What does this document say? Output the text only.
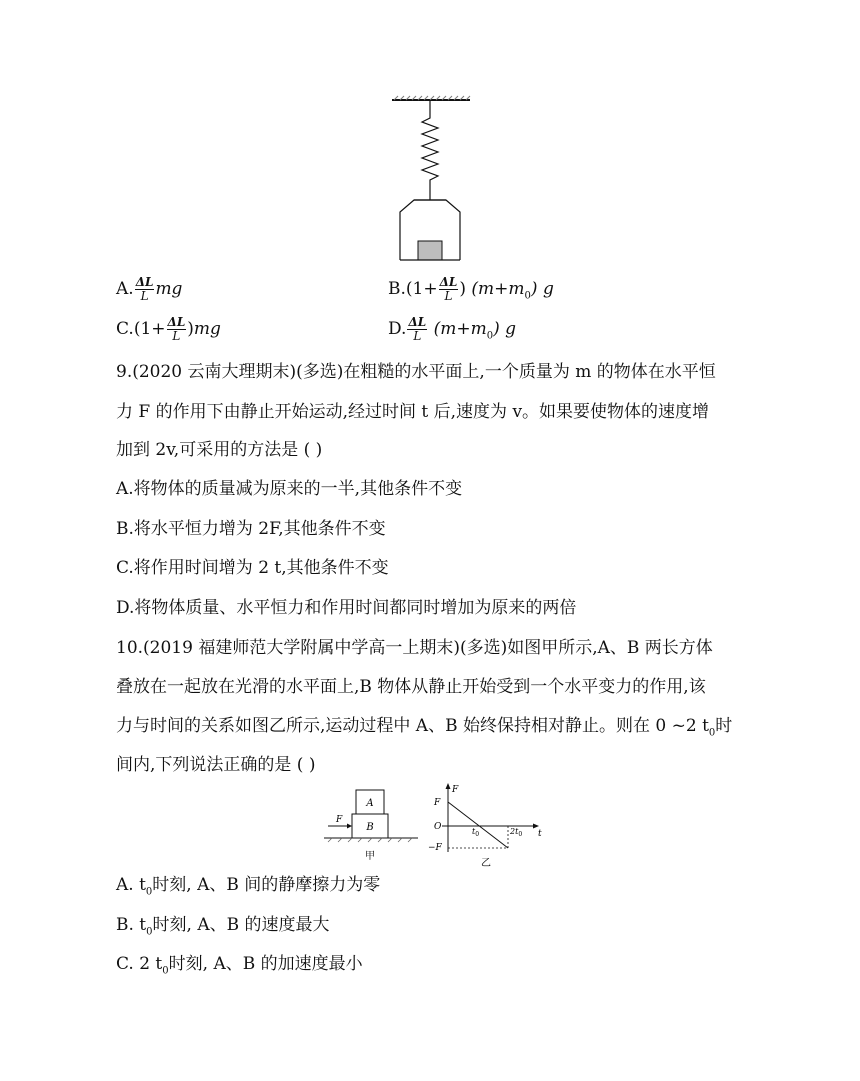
A. $\frac{\Delta L}{L}$ mg	$B.(1+ \frac{\Delta L}{L}$ ) $(m+m_0)$ g
$C.(1+ \frac{\Delta L}{L} )mg$	D. $\frac{\Delta L}{L} (m+m_0)$ g
9.(2020 云南大理期末)(多选)在粗糙的水平面上,一个质量为 m 的物体在水平恒
力 F 的作用下由静止开始运动,经过时间 t 后,速度为 v。如果要使物体的速度增
加到 2v,可采用的方法是 ( )
A.将物体的质量减为原来的一半,其他条件不变
B.将水平恒力增为 2F,其他条件不变
C.将作用时间增为 2 t,其他条件不变
D.将物体质量、水平恒力和作用时间都同时增加为原来的两倍
10.(2019 福建师范大学附属中学高一上期末)(多选)如图甲所示,A、B 两长方体
叠放在一起放在光滑的水平面上,B 物体从静止开始受到一个水平变力的作用,该
力与时间的关系如图乙所示,运动过程中 A、B 始终保持相对静止。则在 0 ~2 $t_0$时
间内,下列说法正确的是 ( )
A
B
F
甲
F
t
F
O
−F
$t_0$	$2t_0$
乙
A. $t_0$时刻, A、B 间的静摩擦力为零
B. $t_0$时刻, A、B 的速度最大
C. 2 $t_0$时刻, A、B 的加速度最小
